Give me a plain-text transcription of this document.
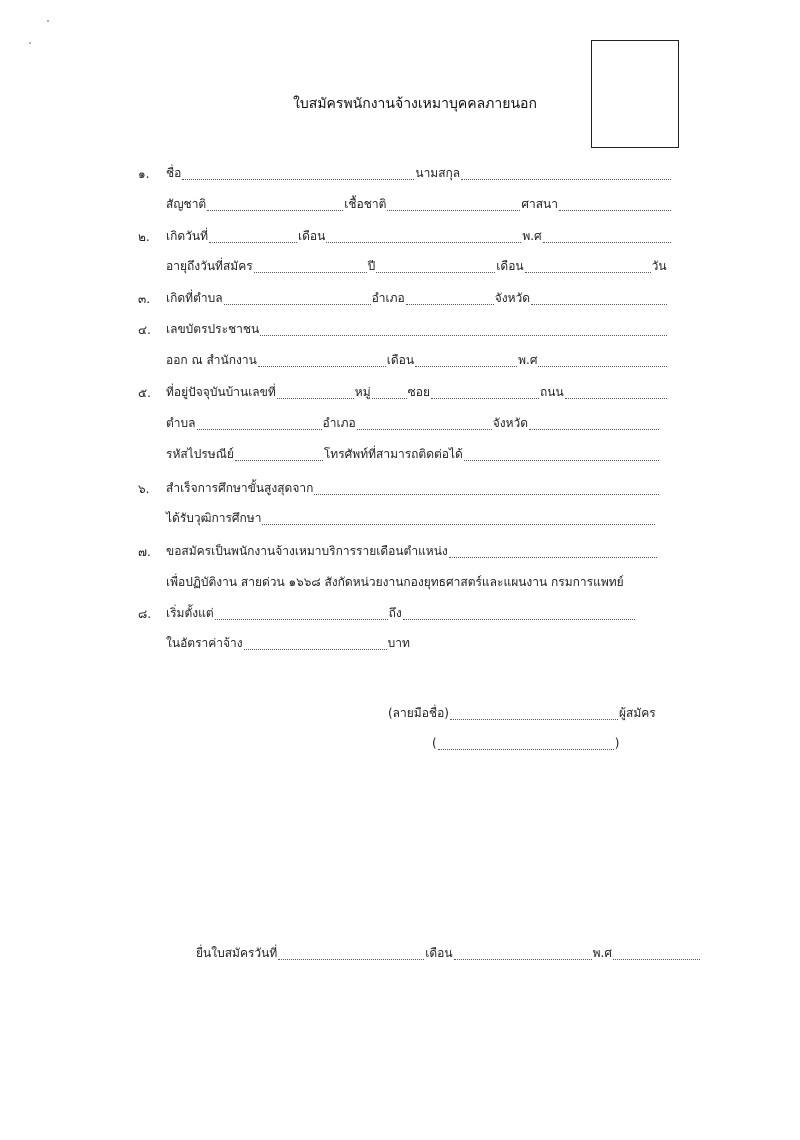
ใบสมัครพนักงานจ้างเหมาบุคคลภายนอก
๑. ชื่อ	นามสกุล
สัญชาติ	เชื้อชาติ	ศาสนา
๒. เกิดวันที่	เดือน	พ.ศ
อายุถึงวันที่สมัคร	ปี	เดือน	วัน
๓. เกิดที่ตำบล	อำเภอ	จังหวัด
๔. เลขบัตรประชาชน
ออก ณ สำนักงาน	เดือน	พ.ศ
๕. ที่อยู่ปัจจุบันบ้านเลขที่	หมู่	ซอย	ถนน
ตำบล	อำเภอ	จังหวัด
รหัสไปรษณีย์	โทรศัพท์ที่สามารถติดต่อได้
๖. สำเร็จการศึกษาขั้นสูงสุดจาก
ได้รับวุฒิการศึกษา
๗. ขอสมัครเป็นพนักงานจ้างเหมาบริการรายเดือนตำแหน่ง
เพื่อปฏิบัติงาน สายด่วน ๑๖๖๘ สังกัดหน่วยงานกองยุทธศาสตร์และแผนงาน กรมการแพทย์
๘. เริ่มตั้งแต่	ถึง
ในอัตราค่าจ้าง	บาท
(ลายมือชื่อ)	ผู้สมัคร
(	)
ยื่นใบสมัครวันที่	เดือน	พ.ศ
